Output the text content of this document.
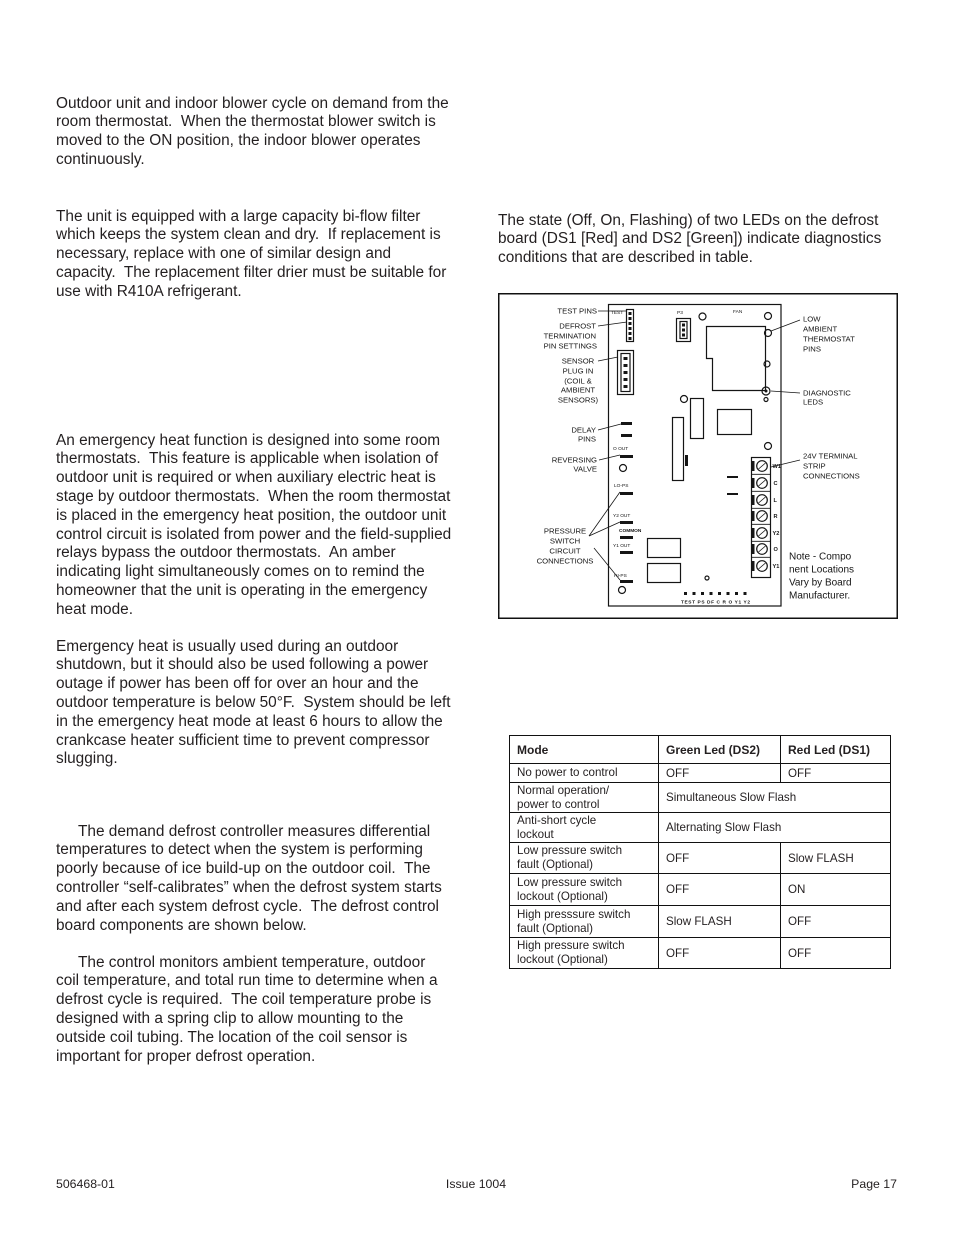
Outdoor unit and indoor blower cycle on demand from the
room thermostat.  When the thermostat blower switch is
moved to the ON position, the indoor blower operates
continuously.

The unit is equipped with a large capacity bi-flow filter
which keeps the system clean and dry.  If replacement is
necessary, replace with one of similar design and
capacity.  The replacement filter drier must be suitable for
use with R410A refrigerant.

An emergency heat function is designed into some room
thermostats.  This feature is applicable when isolation of
outdoor unit is required or when auxiliary electric heat is
stage by outdoor thermostats.  When the room thermostat
is placed in the emergency heat position, the outdoor unit
control circuit is isolated from power and the field-supplied
relays bypass the outdoor thermostats.  An amber
indicating light simultaneously comes on to remind the
homeowner that the unit is operating in the emergency
heat mode.

Emergency heat is usually used during an outdoor
shutdown, but it should also be used following a power
outage if power has been off for over an hour and the
outdoor temperature is below 50°F.  System should be left
in the emergency heat mode at least 6 hours to allow the
crankcase heater sufficient time to prevent compressor
slugging.

The demand defrost controller measures differential
temperatures to detect when the system is performing
poorly because of ice build-up on the outdoor coil.  The
controller “self-calibrates” when the defrost system starts
and after each system defrost cycle.  The defrost control
board components are shown below.

The control monitors ambient temperature, outdoor
coil temperature, and total run time to determine when a
defrost cycle is required.  The coil temperature probe is
designed with a spring clip to allow mounting to the
outside coil tubing. The location of the coil sensor is
important for proper defrost operation.

The state (Off, On, Flashing) of two LEDs on the defrost
board (DS1 [Red] and DS2 [Green]) indicate diagnostics
conditions that are described in table.

TEST	P3	FAN
O OUT
LO-PS
Y2 OUT
COMMON
Y1 OUT
HI-PS
W1
C
L
R
Y2
O
Y1
TEST PS DF C R O Y1 Y2
TEST PINS
DEFROST
TERMINATION
PIN SETTINGS
SENSOR
PLUG IN
(COIL &
AMBIENT
SENSORS)
DELAY
PINS
REVERSING
VALVE
PRESSURE
SWITCH
CIRCUIT
CONNECTIONS
LOW
AMBIENT
THERMOSTAT
PINS
DIAGNOSTIC
LEDS
24V TERMINAL
STRIP
CONNECTIONS
Note - Compo
nent Locations
Vary by Board
Manufacturer.
Mode	Green Led (DS2)	Red Led (DS1)
No power to control	OFF	OFF
Normal operation/
power to control	Simultaneous Slow Flash	
Anti-short cycle
lockout	Alternating Slow Flash	
Low pressure switch
fault (Optional)	OFF	Slow FLASH
Low pressure switch
lockout (Optional)	OFF	ON
High presssure switch
fault (Optional)	Slow FLASH	OFF
High pressure switch
lockout (Optional)	OFF	OFF
506468-01	Issue 1004	Page 17
